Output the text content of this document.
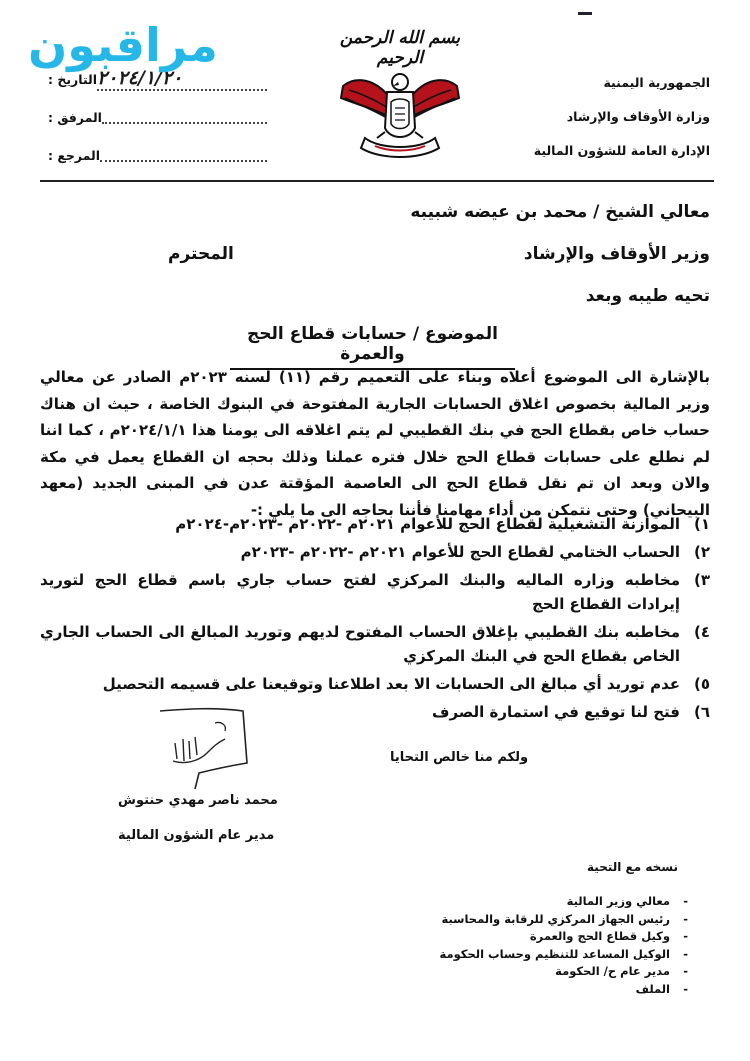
مراقبون
الجمهورية اليمنية
وزارة الأوقاف والإرشاد
الإدارة العامة للشؤون المالية
بسم الله الرحمن الرحيم
التاريخ : ٢٠٢٤/١/٢٠
المرفق :
المرجع :
معالي الشيخ / محمد بن عيضه شبيبه
وزير الأوقاف والإرشاد
المحترم
تحيه طيبه وبعد
الموضوع / حسابات قطاع الحج والعمرة
بالإشارة الى الموضوع أعلاه وبناء على التعميم رقم (١١) لسنه ٢٠٢٣م الصادر عن معالي وزير المالية بخصوص اغلاق الحسابات الجارية المفتوحة في البنوك الخاصة ، حيث ان هناك حساب خاص بقطاع الحج في بنك القطيبي لم يتم اغلاقه الى يومنا هذا ٢٠٢٤/١/١م ، كما اننا لم نطلع على حسابات قطاع الحج خلال فتره عملنا وذلك بحجه ان القطاع يعمل في مكة والان وبعد ان تم نقل قطاع الحج الى العاصمة المؤقتة عدن في المبنى الجديد (معهد البيحاني) وحتى نتمكن من أداء مهامنا فأننا بحاجه الى ما يلي :-
١)
الموازنة التشغيلية لقطاع الحج للأعوام ٢٠٢١م -٢٠٢٢م -٢٠٢٣م-٢٠٢٤م
٢)
الحساب الختامي لقطاع الحج للأعوام ٢٠٢١م -٢٠٢٢م -٢٠٢٣م
٣)
مخاطبه وزاره الماليه والبنك المركزي لفتح حساب جاري باسم قطاع الحج لتوريد إيرادات القطاع الحج
٤)
مخاطبه بنك القطيبي بإغلاق الحساب المفتوح لديهم وتوريد المبالغ الى الحساب الجاري الخاص بقطاع الحج في البنك المركزي
٥)
عدم توريد أي مبالغ الى الحسابات الا بعد اطلاعنا وتوقيعنا على قسيمه التحصيل
٦)
فتح لنا توقيع في استمارة الصرف
ولكم منا خالص التحايا
محمد ناصر مهدي حنتوش
مدير عام الشؤون المالية
نسخه مع التحية
-
معالي وزير المالية
-
رئيس الجهاز المركزي للرقابة والمحاسبة
-
وكيل قطاع الحج والعمرة
-
الوكيل المساعد للتنظيم وحساب الحكومة
-
مدير عام ح/ الحكومة
-
الملف
